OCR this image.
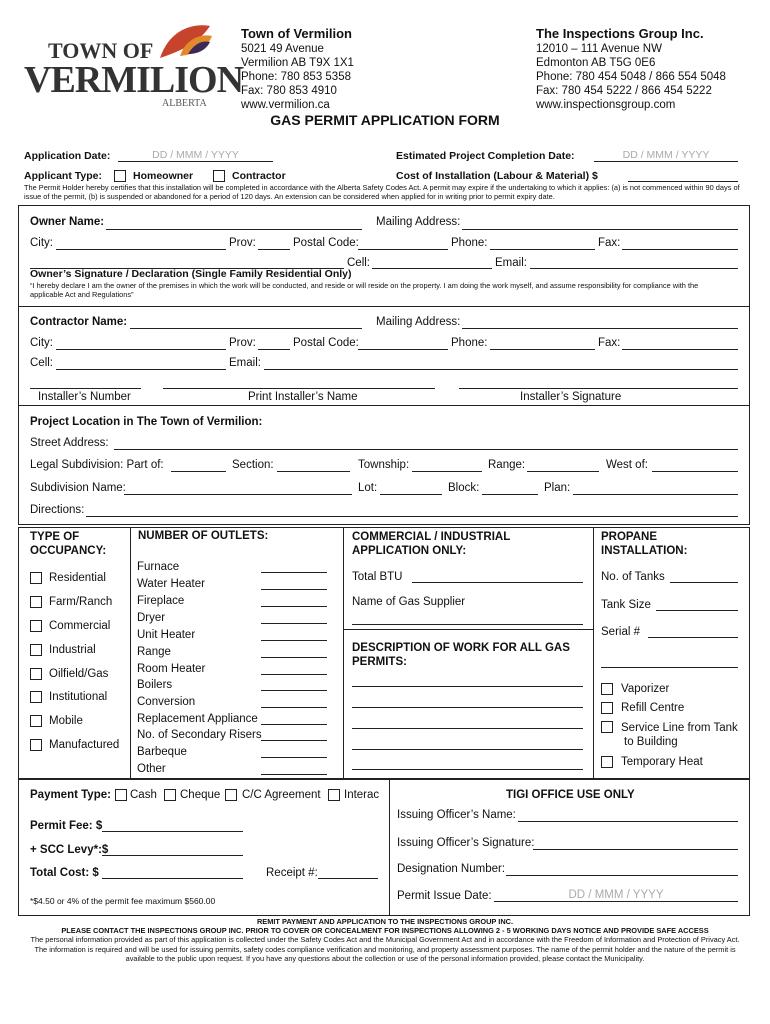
TOWN OF
VERMILION
ALBERTA
Town of Vermilion
5021 49 Avenue
Vermilion AB T9X 1X1
Phone: 780 853 5358
Fax: 780 853 4910
www.vermilion.ca
The Inspections Group Inc.
12010 – 111 Avenue NW
Edmonton AB T5G 0E6
Phone: 780 454 5048 / 866 554 5048
Fax: 780 454 5222 / 866 454 5222
www.inspectionsgroup.com
GAS PERMIT APPLICATION FORM
Application Date:	DD / MMM / YYYY	Estimated Project Completion Date:	DD / MMM / YYYY
Applicant Type:	Homeowner	Contractor	Cost of Installation (Labour & Material) $
The Permit Holder hereby certifies that this installation will be completed in accordance with the Alberta Safety Codes Act. A permit may expire if the undertaking to which it applies: (a) is not commenced within 90 days of issue of the permit, (b) is suspended or abandoned for a period of 120 days. An extension can be considered when applied for in writing prior to permit expiry date.
Owner Name:	Mailing Address:
City:	Prov:	Postal Code:	Phone:	Fax:
Cell:	Email:
Owner’s Signature / Declaration (Single Family Residential Only)
“I hereby declare I am the owner of the premises in which the work will be conducted, and reside or will reside on the property. I am doing the work myself, and assume responsibility for compliance with the applicable Act and Regulations”
Contractor Name:	Mailing Address:
City:	Prov:	Postal Code:	Phone:	Fax:
Cell:	Email:
Installer’s Number	Print Installer’s Name	Installer’s Signature
Project Location in The Town of Vermilion:
Street Address:
Legal Subdivision: Part of:	Section:	Township:	Range:	West of:
Subdivision Name:	Lot:	Block:	Plan:
Directions:
TYPE OF OCCUPANCY:
Residential
Farm/Ranch
Commercial
Industrial
Oilfield/Gas
Institutional
Mobile
Manufactured
NUMBER OF OUTLETS:
Furnace
Water Heater
Fireplace
Dryer
Unit Heater
Range
Room Heater
Boilers
Conversion
Replacement Appliance
No. of Secondary Risers
Barbeque
Other
COMMERCIAL / INDUSTRIAL APPLICATION ONLY:
Total BTU
Name of Gas Supplier
DESCRIPTION OF WORK FOR ALL GAS PERMITS:
PROPANE INSTALLATION:
No. of Tanks
Tank Size
Serial #
Vaporizer
Refill Centre
Service Line from Tank
to Building
Temporary Heat
Payment Type: Cash Cheque C/C Agreement Interac
Permit Fee: $
+ SCC Levy*:$
Total Cost: $	Receipt #:
*$4.50 or 4% of the permit fee maximum $560.00
TIGI OFFICE USE ONLY
Issuing Officer’s Name:
Issuing Officer’s Signature:
Designation Number:
Permit Issue Date:	DD / MMM / YYYY
REMIT PAYMENT AND APPLICATION TO THE INSPECTIONS GROUP INC.
PLEASE CONTACT THE INSPECTIONS GROUP INC. PRIOR TO COVER OR CONCEALMENT FOR INSPECTIONS ALLOWING 2 - 5 WORKING DAYS NOTICE AND PROVIDE SAFE ACCESS
The personal information provided as part of this application is collected under the Safety Codes Act and the Municipal Government Act and in accordance with the Freedom of Information and Protection of Privacy Act. The information is required and will be used for issuing permits, safety codes compliance verification and monitoring, and property assessment purposes. The name of the permit holder and the nature of the permit is available to the public upon request. If you have any questions about the collection or use of the personal information provided, please contact the Municipality.
